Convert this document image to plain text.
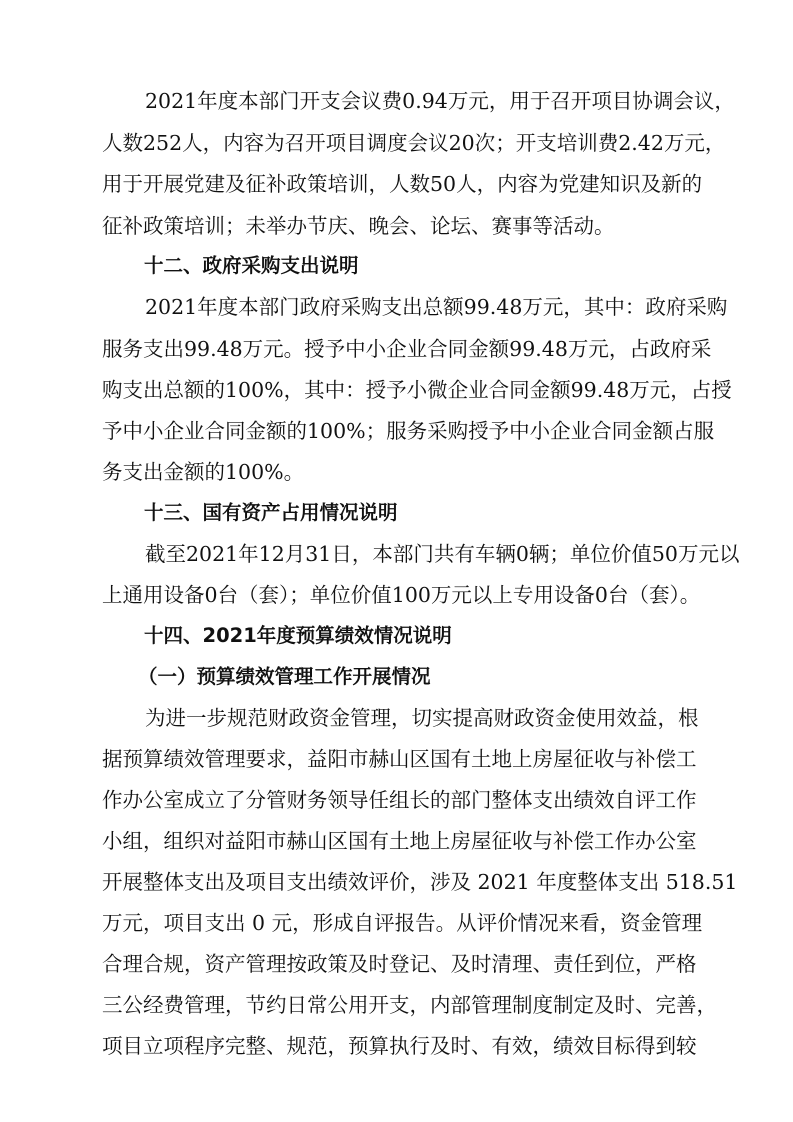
2021年度本部门开支会议费0.94万元，用于召开项目协调会议，
人数252人，内容为召开项目调度会议20次；开支培训费2.42万元，
用于开展党建及征补政策培训，人数50人，内容为党建知识及新的
征补政策培训；未举办节庆、晚会、论坛、赛事等活动。
十二、政府采购支出说明
2021年度本部门政府采购支出总额99.48万元，其中：政府采购
服务支出99.48万元。授予中小企业合同金额99.48万元，占政府采
购支出总额的100%，其中：授予小微企业合同金额99.48万元，占授
予中小企业合同金额的100%；服务采购授予中小企业合同金额占服
务支出金额的100%。
十三、国有资产占用情况说明
截至2021年12月31日，本部门共有车辆0辆；单位价值50万元以
上通用设备0台（套）；单位价值100万元以上专用设备0台（套）。
十四、2021年度预算绩效情况说明
（一）预算绩效管理工作开展情况
为进一步规范财政资金管理，切实提高财政资金使用效益，根
据预算绩效管理要求，益阳市赫山区国有土地上房屋征收与补偿工
作办公室成立了分管财务领导任组长的部门整体支出绩效自评工作
小组，组织对益阳市赫山区国有土地上房屋征收与补偿工作办公室
开展整体支出及项目支出绩效评价，涉及 2021 年度整体支出 518.51
万元，项目支出 0 元，形成自评报告。从评价情况来看，资金管理
合理合规，资产管理按政策及时登记、及时清理、责任到位，严格
三公经费管理，节约日常公用开支，内部管理制度制定及时、完善，
项目立项程序完整、规范，预算执行及时、有效，绩效目标得到较
